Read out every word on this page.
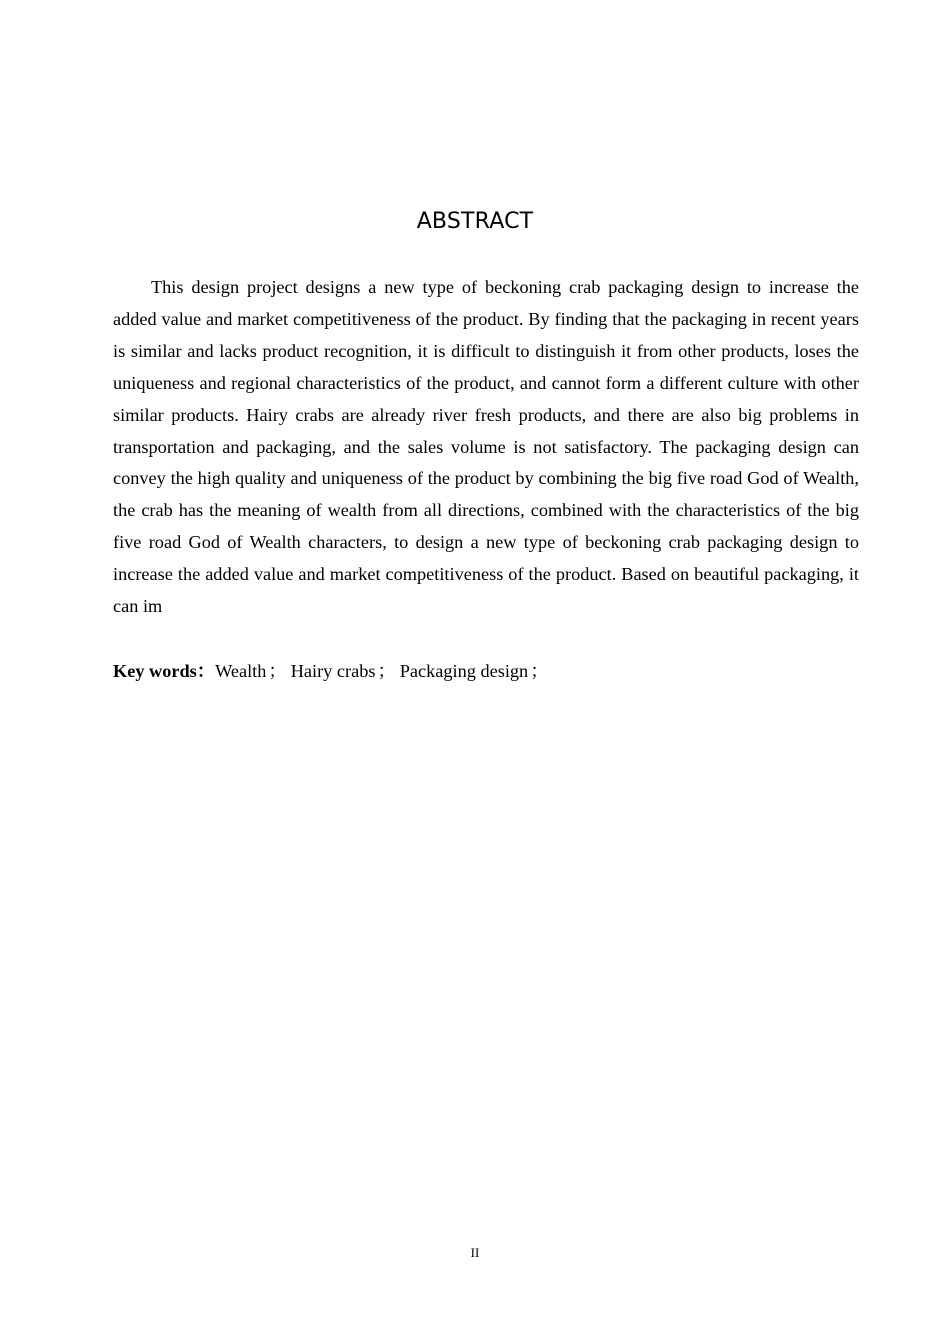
ABSTRACT

This design project designs a new type of beckoning crab packaging design to increase the added value and market competitiveness of the product. By finding that the packaging in recent years is similar and lacks product recognition, it is difficult to distinguish it from other products, loses the uniqueness and regional characteristics of the product, and cannot form a different culture with other similar products. Hairy crabs are already river fresh products, and there are also big problems in transportation and packaging, and the sales volume is not satisfactory. The packaging design can convey the high quality and uniqueness of the product by combining the big five road God of Wealth, the crab has the meaning of wealth from all directions, combined with the characteristics of the big five road God of Wealth characters, to design a new type of beckoning crab packaging design to increase the added value and market competitiveness of the product. Based on beautiful packaging, it can im

Key words：Wealth ； Hairy crabs ； Packaging design ；

II
